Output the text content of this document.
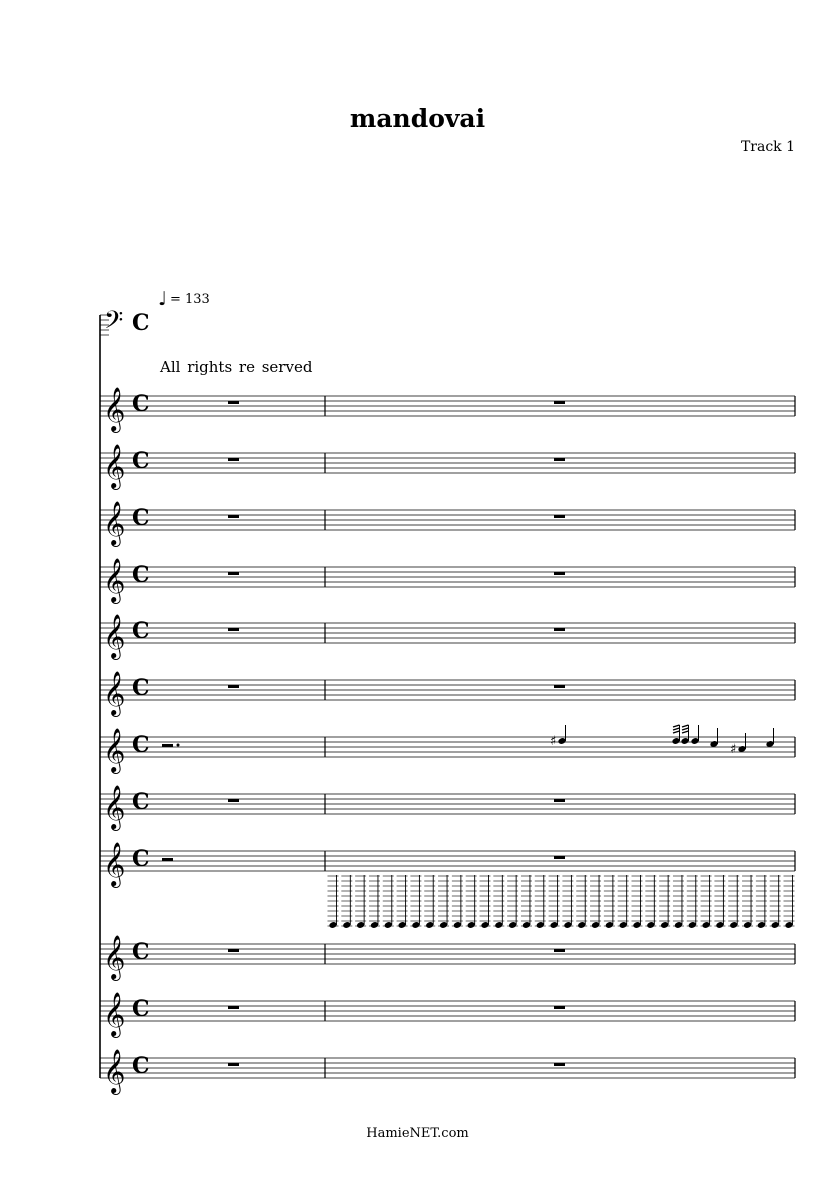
mandovai
Track 1
♩ = 133
All rights re served
HamieNET.com
𝄢 C
𝄞 C
𝄞 C
𝄞 C
𝄞 C
𝄞 C
𝄞 C
𝄞 C	♯
♯
𝄞 C
𝄞 C
𝄞 C
𝄞 C
𝄞 C
